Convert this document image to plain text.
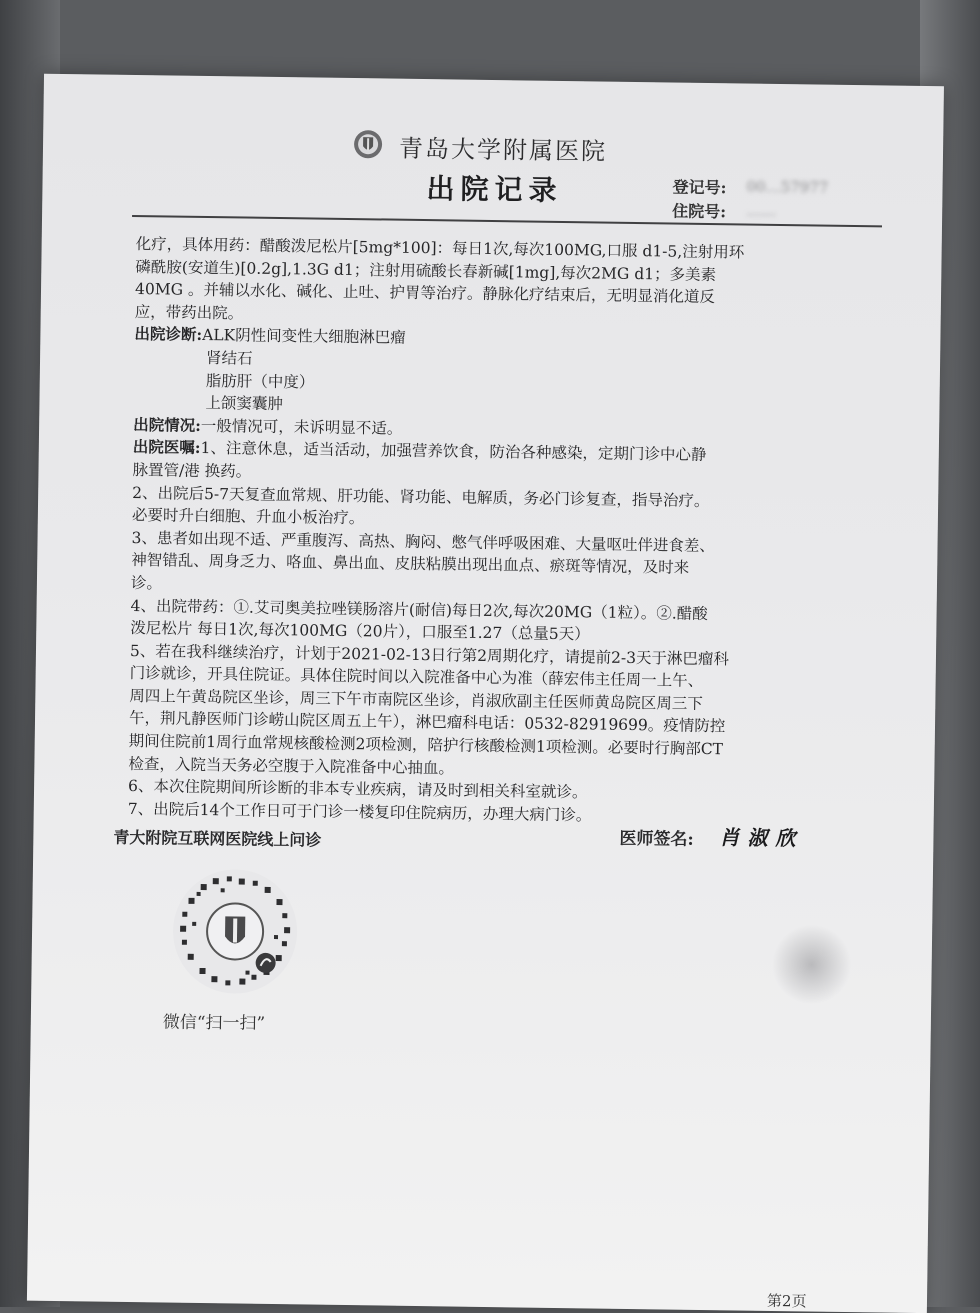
青岛大学附属医院
出院记录	登记号: 00…57977
住院号: ……

化疗，具体用药：醋酸泼尼松片[5mg*100]：每日1次,每次100MG,口服 d1-5,注射用环

磷酰胺(安道生)[0.2g],1.3G d1；注射用硫酸长春新碱[1mg],每次2MG d1；多美素

40MG 。并辅以水化、碱化、止吐、护胃等治疗。静脉化疗结束后，无明显消化道反

应，带药出院。

出院诊断:ALK阴性间变性大细胞淋巴瘤

肾结石

脂肪肝（中度）

上颌窦囊肿

出院情况:一般情况可，未诉明显不适。

出院医嘱:1、注意休息，适当活动，加强营养饮食，防治各种感染，定期门诊中心静

脉置管/港 换药。

2、出院后5-7天复查血常规、肝功能、肾功能、电解质，务必门诊复查，指导治疗。

必要时升白细胞、升血小板治疗。

3、患者如出现不适、严重腹泻、高热、胸闷、憋气伴呼吸困难、大量呕吐伴进食差、

神智错乱、周身乏力、咯血、鼻出血、皮肤粘膜出现出血点、瘀斑等情况，及时来

诊。

4、出院带药：①.艾司奥美拉唑镁肠溶片(耐信)每日2次,每次20MG（1粒）。②.醋酸

泼尼松片 每日1次,每次100MG（20片），口服至1.27（总量5天）

5、若在我科继续治疗，计划于2021-02-13日行第2周期化疗，请提前2-3天于淋巴瘤科

门诊就诊，开具住院证。具体住院时间以入院准备中心为准（薛宏伟主任周一上午、

周四上午黄岛院区坐诊，周三下午市南院区坐诊，肖淑欣副主任医师黄岛院区周三下

午，荆凡静医师门诊崂山院区周五上午），淋巴瘤科电话：0532-82919699。疫情防控

期间住院前1周行血常规核酸检测2项检测，陪护行核酸检测1项检测。必要时行胸部CT

检查，入院当天务必空腹于入院准备中心抽血。

6、本次住院期间所诊断的非本专业疾病，请及时到相关科室就诊。

7、出院后14个工作日可于门诊一楼复印住院病历，办理大病门诊。

青大附院互联网医院线上问诊	医师签名: 肖淑欣
微信“扫一扫”
第2页
